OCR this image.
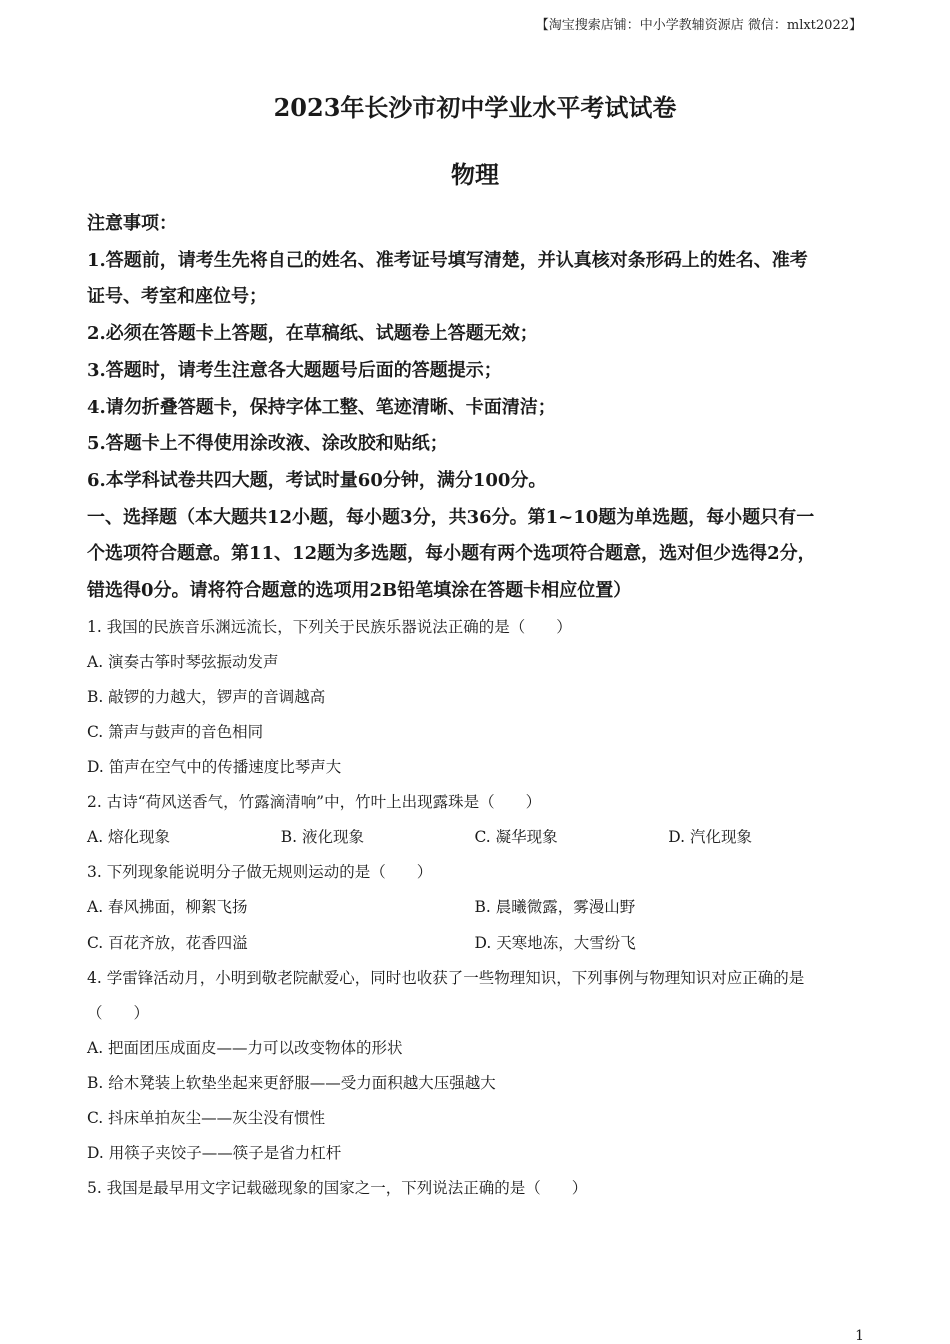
【淘宝搜索店铺：中小学教辅资源店 微信：mlxt2022】
2023年长沙市初中学业水平考试试卷
物理
注意事项：
1.答题前，请考生先将自己的姓名、准考证号填写清楚，并认真核对条形码上的姓名、准考
证号、考室和座位号；
2.必须在答题卡上答题，在草稿纸、试题卷上答题无效；
3.答题时，请考生注意各大题题号后面的答题提示；
4.请勿折叠答题卡，保持字体工整、笔迹清晰、卡面清洁；
5.答题卡上不得使用涂改液、涂改胶和贴纸；
6.本学科试卷共四大题，考试时量60分钟，满分100分。
一、选择题（本大题共12小题，每小题3分，共36分。第1~10题为单选题，每小题只有一
个选项符合题意。第11、12题为多选题，每小题有两个选项符合题意，选对但少选得2分，
错选得0分。请将符合题意的选项用2B铅笔填涂在答题卡相应位置）
1. 我国的民族音乐渊远流长，下列关于民族乐器说法正确的是（　　）
A. 演奏古筝时琴弦振动发声
B. 敲锣的力越大，锣声的音调越高
C. 箫声与鼓声的音色相同
D. 笛声在空气中的传播速度比琴声大
2. 古诗“荷风送香气，竹露滴清响”中，竹叶上出现露珠是（　　）
A. 熔化现象	B. 液化现象	C. 凝华现象	D. 汽化现象
3. 下列现象能说明分子做无规则运动的是（　　）
A. 春风拂面，柳絮飞扬	B. 晨曦微露，雾漫山野
C. 百花齐放，花香四溢	D. 天寒地冻，大雪纷飞
4. 学雷锋活动月，小明到敬老院献爱心，同时也收获了一些物理知识，下列事例与物理知识对应正确的是
（　　）
A. 把面团压成面皮——力可以改变物体的形状
B. 给木凳装上软垫坐起来更舒服——受力面积越大压强越大
C. 抖床单拍灰尘——灰尘没有惯性
D. 用筷子夹饺子——筷子是省力杠杆
5. 我国是最早用文字记载磁现象的国家之一，下列说法正确的是（　　）
1
